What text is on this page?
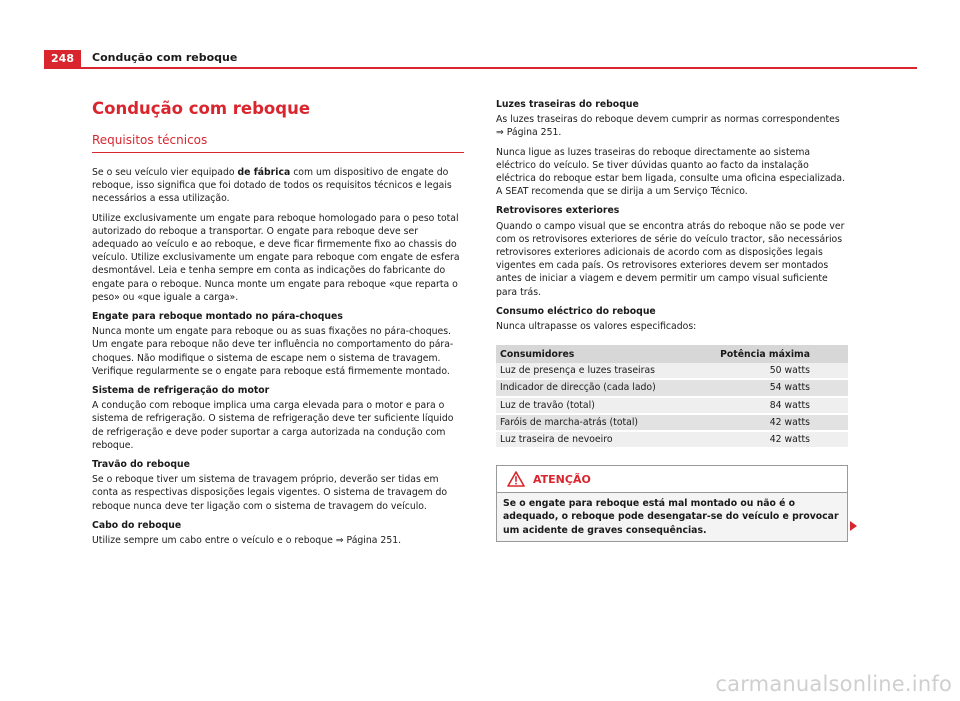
248	Condução com reboque
Condução com reboque
Requisitos técnicos

Se o seu veículo vier equipado de fábrica com um dispositivo de engate do reboque, isso significa que foi dotado de todos os requisitos técnicos e legais necessários a essa utilização.

Utilize exclusivamente um engate para reboque homologado para o peso total autorizado do reboque a transportar. O engate para reboque deve ser adequado ao veículo e ao reboque, e deve ficar firmemente fixo ao chassis do veículo. Utilize exclusivamente um engate para reboque com engate de esfera desmontável. Leia e tenha sempre em conta as indicações do fabricante do engate para o reboque. Nunca monte um engate para reboque «que reparta o peso» ou «que iguale a carga».

Engate para reboque montado no pára-choques

Nunca monte um engate para reboque ou as suas fixações no pára-choques. Um engate para reboque não deve ter influência no comportamento do pára-choques. Não modifique o sistema de escape nem o sistema de travagem. Verifique regularmente se o engate para reboque está firmemente montado.

Sistema de refrigeração do motor

A condução com reboque implica uma carga elevada para o motor e para o sistema de refrigeração. O sistema de refrigeração deve ter suficiente líquido de refrigeração e deve poder suportar a carga autorizada na condução com reboque.

Travão do reboque

Se o reboque tiver um sistema de travagem próprio, deverão ser tidas em conta as respectivas disposições legais vigentes. O sistema de travagem do reboque nunca deve ter ligação com o sistema de travagem do veículo.

Cabo do reboque

Utilize sempre um cabo entre o veículo e o reboque ⇒ Página 251.

Luzes traseiras do reboque

As luzes traseiras do reboque devem cumprir as normas correspondentes ⇒ Página 251.

Nunca ligue as luzes traseiras do reboque directamente ao sistema eléctrico do veículo. Se tiver dúvidas quanto ao facto da instalação eléctrica do reboque estar bem ligada, consulte uma oficina especializada. A SEAT recomenda que se dirija a um Serviço Técnico.

Retrovisores exteriores

Quando o campo visual que se encontra atrás do reboque não se pode ver com os retrovisores exteriores de série do veículo tractor, são necessários retrovisores exteriores adicionais de acordo com as disposições legais vigentes em cada país. Os retrovisores exteriores devem ser montados antes de iniciar a viagem e devem permitir um campo visual suficiente para trás.

Consumo eléctrico do reboque

Nunca ultrapasse os valores especificados:

Consumidores	Potência máxima
Luz de presença e luzes traseiras	50 watts
Indicador de direcção (cada lado)	54 watts
Luz de travão (total)	84 watts
Faróis de marcha-atrás (total)	42 watts
Luz traseira de nevoeiro	42 watts
ATENÇÃO
Se o engate para reboque está mal montado ou não é o adequado, o reboque pode desengatar-se do veículo e provocar um acidente de graves consequências.
carmanualsonline.info
